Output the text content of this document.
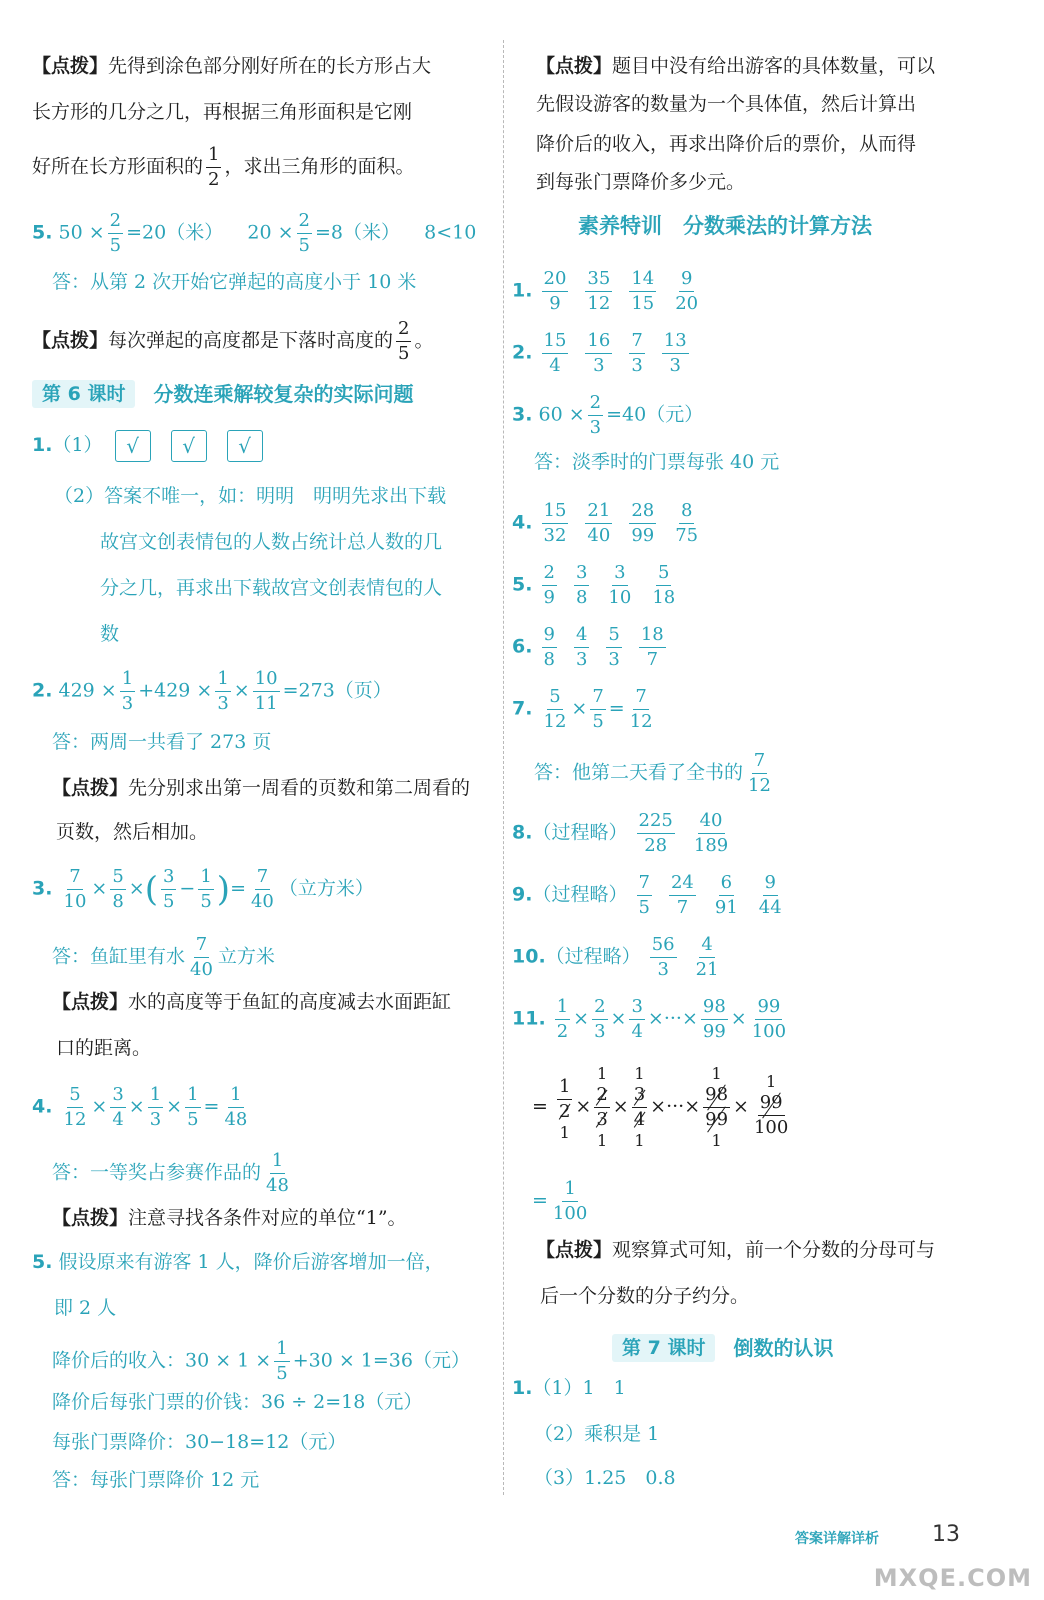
【点拨】先得到涂色部分刚好所在的长方形占大
长方形的几分之几，再根据三角形面积是它刚
好所在长方形面积的 $\frac{1}{2}$ ，求出三角形的面积。
5. $50 \times \frac{2}{5} =20$（米） $20 \times \frac{2}{5} =8$（米） 8<10
答：从第 2 次开始它弹起的高度小于 10 米
【点拨】每次弹起的高度都是下落时高度的 $\frac{2}{5}$ 。
第 6 课时	分数连乘解较复杂的实际问题
1.（1） √ √ √
（2）答案不唯一，如：明明　明明先求出下载
故宫文创表情包的人数占统计总人数的几
分之几，再求出下载故宫文创表情包的人
数
2. $429 \times \frac{1}{3} +429 \times \frac{1}{3} \times \frac{10}{11} =273$（页）
答：两周一共看了 273 页
【点拨】先分别求出第一周看的页数和第二周看的
页数，然后相加。
3. $\frac{7}{10} \times \frac{5}{8}$ ×( $\frac{3}{5} - \frac{1}{5}$ )= $\frac{7}{40}$ （立方米）
答：鱼缸里有水 $\frac{7}{40}$ 立方米
【点拨】水的高度等于鱼缸的高度减去水面距缸
口的距离。
4. $\frac{5}{12} \times \frac{3}{4} \times \frac{1}{3} \times \frac{1}{5} = \frac{1}{48}$
答：一等奖占参赛作品的 $\frac{1}{48}$
【点拨】注意寻找各条件对应的单位“1”。
5. 假设原来有游客 1 人，降价后游客增加一倍，
即 2 人
降价后的收入：$30 \times 1 \times \frac{1}{5} +30 \times 1=36$（元）
降价后每张门票的价钱：36 ÷ 2=18（元）
每张门票降价：30−18=12（元）
答：每张门票降价 12 元
【点拨】题目中没有给出游客的具体数量，可以
先假设游客的数量为一个具体值，然后计算出
降价后的收入，再求出降价后的票价，从而得
到每张门票降价多少元。
素养特训　分数乘法的计算方法
1. $\frac{20}{9} \frac{35}{12} \frac{14}{15} \frac{9}{20}$
2. $\frac{15}{4} \frac{16}{3} \frac{7}{3} \frac{13}{3}$
3. $60 \times \frac{2}{3} =40$（元）
答：淡季时的门票每张 40 元
4. $\frac{15}{32} \frac{21}{40} \frac{28}{99} \frac{8}{75}$
5. $\frac{2}{9} \frac{3}{8} \frac{3}{10} \frac{5}{18}$
6. $\frac{9}{8} \frac{4}{3} \frac{5}{3} \frac{18}{7}$
7. $\frac{5}{12} \times \frac{7}{5} = \frac{7}{12}$
答：他第二天看了全书的 $\frac{7}{12}$
8.（过程略） $\frac{225}{28} \frac{40}{189}$
9.（过程略） $\frac{7}{5} \frac{24}{7} \frac{6}{91} \frac{9}{44}$
10.（过程略） $\frac{56}{3} \frac{4}{21}$
11. $\frac{1}{2} \times \frac{2}{3} \times \frac{3}{4}$ ×···× $\frac{98}{99} \times \frac{99}{100}$
= $\frac{1}{2}$
1
×
1
$\frac{2}{3}$
1
×
1
$\frac{3}{4}$
1
×···×
1
$\frac{98}{99}$
1
×
1
$\frac{99}{100}$
= $\frac{1}{100}$
【点拨】观察算式可知，前一个分数的分母可与
后一个分数的分子约分。
第 7 课时	倒数的认识
1.（1）1　1
（2）乘积是 1
（3）1.25　0.8
答案详解详析 13
MXQE.COM
